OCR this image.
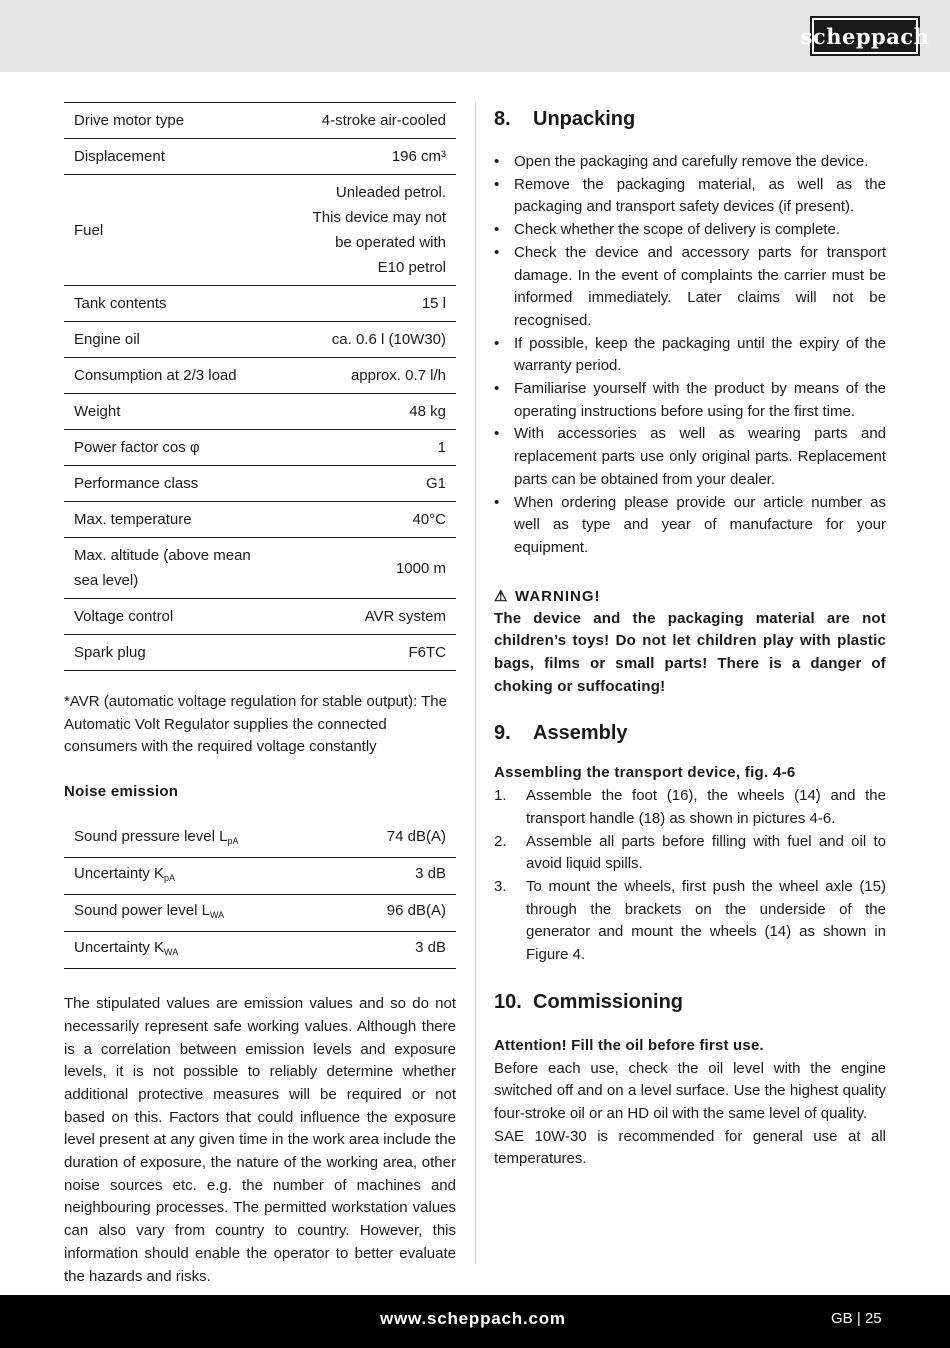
scheppach
Drive motor type	4-stroke air-cooled

Displacement	196 cm³

Fuel	Unleaded petrol.
This device may not
be operated with
E10 petrol

Tank contents	15 l

Engine oil	ca. 0.6 l (10W30)

Consumption at 2/3 load	approx. 0.7 l/h

Weight	48 kg

Power factor cos φ	1

Performance class	G1

Max. temperature	40°C

Max. altitude (above mean sea level)	1000 m

Voltage control	AVR system

Spark plug	F6TC

*AVR (automatic voltage regulation for stable output): The Automatic Volt Regulator supplies the connected consumers with the required voltage constantly

Noise emission
Sound pressure level $L_{pA}$	74 dB(A)
Uncertainty $K_{pA}$	3 dB
Sound power level $L_{WA}$	96 dB(A)
Uncertainty $K_{WA}$	3 dB

The stipulated values are emission values and so do not necessarily represent safe working values. Although there is a correlation between emission levels and exposure levels, it is not possible to reliably determine whether additional protective measures will be required or not based on this. Factors that could influence the exposure level present at any given time in the work area include the duration of exposure, the nature of the working area, other noise sources etc. e.g. the number of machines and neighbouring processes. The permitted workstation values can also vary from country to country. However, this information should enable the operator to better evaluate the hazards and risks.

8.	Unpacking
• Open the packaging and carefully remove the device.
• Remove the packaging material, as well as the packaging and transport safety devices (if present).
• Check whether the scope of delivery is complete.
• Check the device and accessory parts for transport damage. In the event of complaints the carrier must be informed immediately. Later claims will not be recognised.
• If possible, keep the packaging until the expiry of the warranty period.
• Familiarise yourself with the product by means of the operating instructions before using for the first time.
• With accessories as well as wearing parts and replacement parts use only original parts. Replacement parts can be obtained from your dealer.
• When ordering please provide our article number as well as type and year of manufacture for your equipment.
⚠ WARNING!

The device and the packaging material are not children’s toys! Do not let children play with plastic bags, films or small parts! There is a danger of choking or suffocating!

9.	Assembly
Assembling the transport device, fig. 4-6
1.	Assemble the foot (16), the wheels (14) and the transport handle (18) as shown in pictures 4-6.
2.	Assemble all parts before filling with fuel and oil to avoid liquid spills.
3.	To mount the wheels, first push the wheel axle (15) through the brackets on the underside of the generator and mount the wheels (14) as shown in Figure 4.
10. Commissioning
Attention! Fill the oil before first use.

Before each use, check the oil level with the engine switched off and on a level surface. Use the highest quality four-stroke oil or an HD oil with the same level of quality.

SAE 10W-30 is recommended for general use at all temperatures.

www.scheppach.com	GB | 25
